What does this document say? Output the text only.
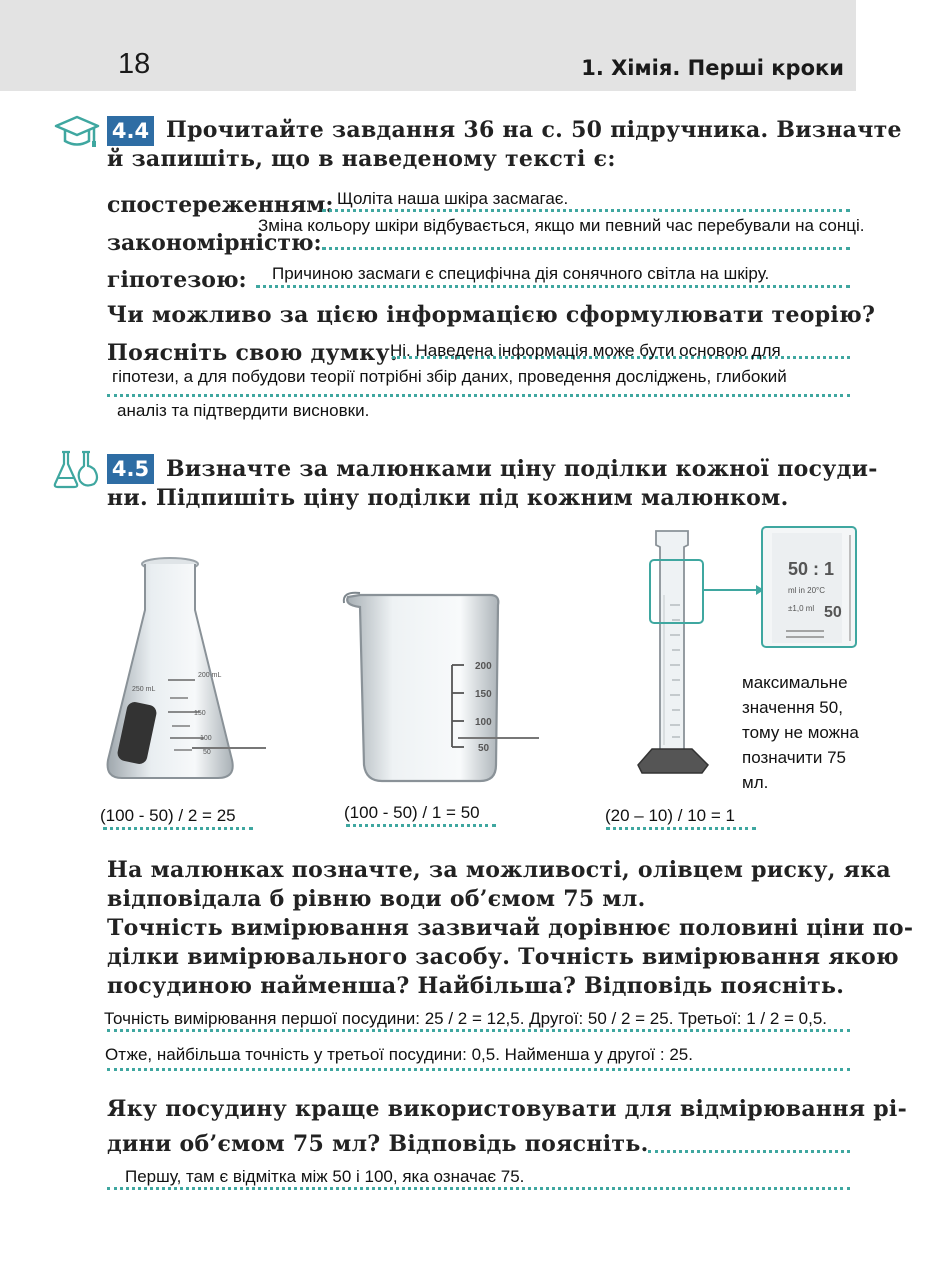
18	1. Хімія. Перші кроки
4.4 Прочитайте завдання 36 на с. 50 підручника. Визначте
й запишіть, що в наведеному тексті є:
спостереженням: Щоліта наша шкіра засмагає.
закономірністю:
Зміна кольору шкіри відбувається, якщо ми певний час перебували на сонці.
гіпотезою: Причиною засмаги є специфічна дія сонячного світла на шкіру.
Чи можливо за цією інформацією сформулювати теорію?
Поясніть свою думку.
Ні. Наведена інформація може бути основою для
гіпотези, а для побудови теорії потрібні збір даних, проведення досліджень, глибокий
аналіз та підтвердити висновки.
4.5 Визначте за малюнками ціну поділки кожної посуди-
ни. Підпишіть ціну поділки під кожним малюнком.
250 mL
200 mL
150
100
50
(100 - 50) / 2 = 25
200
150
100
50
(100 - 50) / 1 = 50
50 : 1
ml in 20°C
±1,0 ml 50
максимальне
значення 50,
тому не можна
позначити 75
мл.
(20 – 10) / 10 = 1
На малюнках позначте, за можливості, олівцем риску, яка
відповідала б рівню води об’ємом 75 мл.
Точність вимірювання зазвичай дорівнює половині ціни по-
ділки вимірювального засобу. Точність вимірювання якою
посудиною найменша? Найбільша? Відповідь поясніть.
Точність вимірювання першої посудини: 25 / 2 = 12,5. Другої: 50 / 2 = 25. Третьої: 1 / 2 = 0,5.
Отже, найбільша точність у третьої посудини: 0,5. Найменша у другої : 25.
Яку посудину краще використовувати для відмірювання рі-
дини об’ємом 75 мл? Відповідь поясніть.
Першу, там є відмітка між 50 і 100, яка означає 75.
